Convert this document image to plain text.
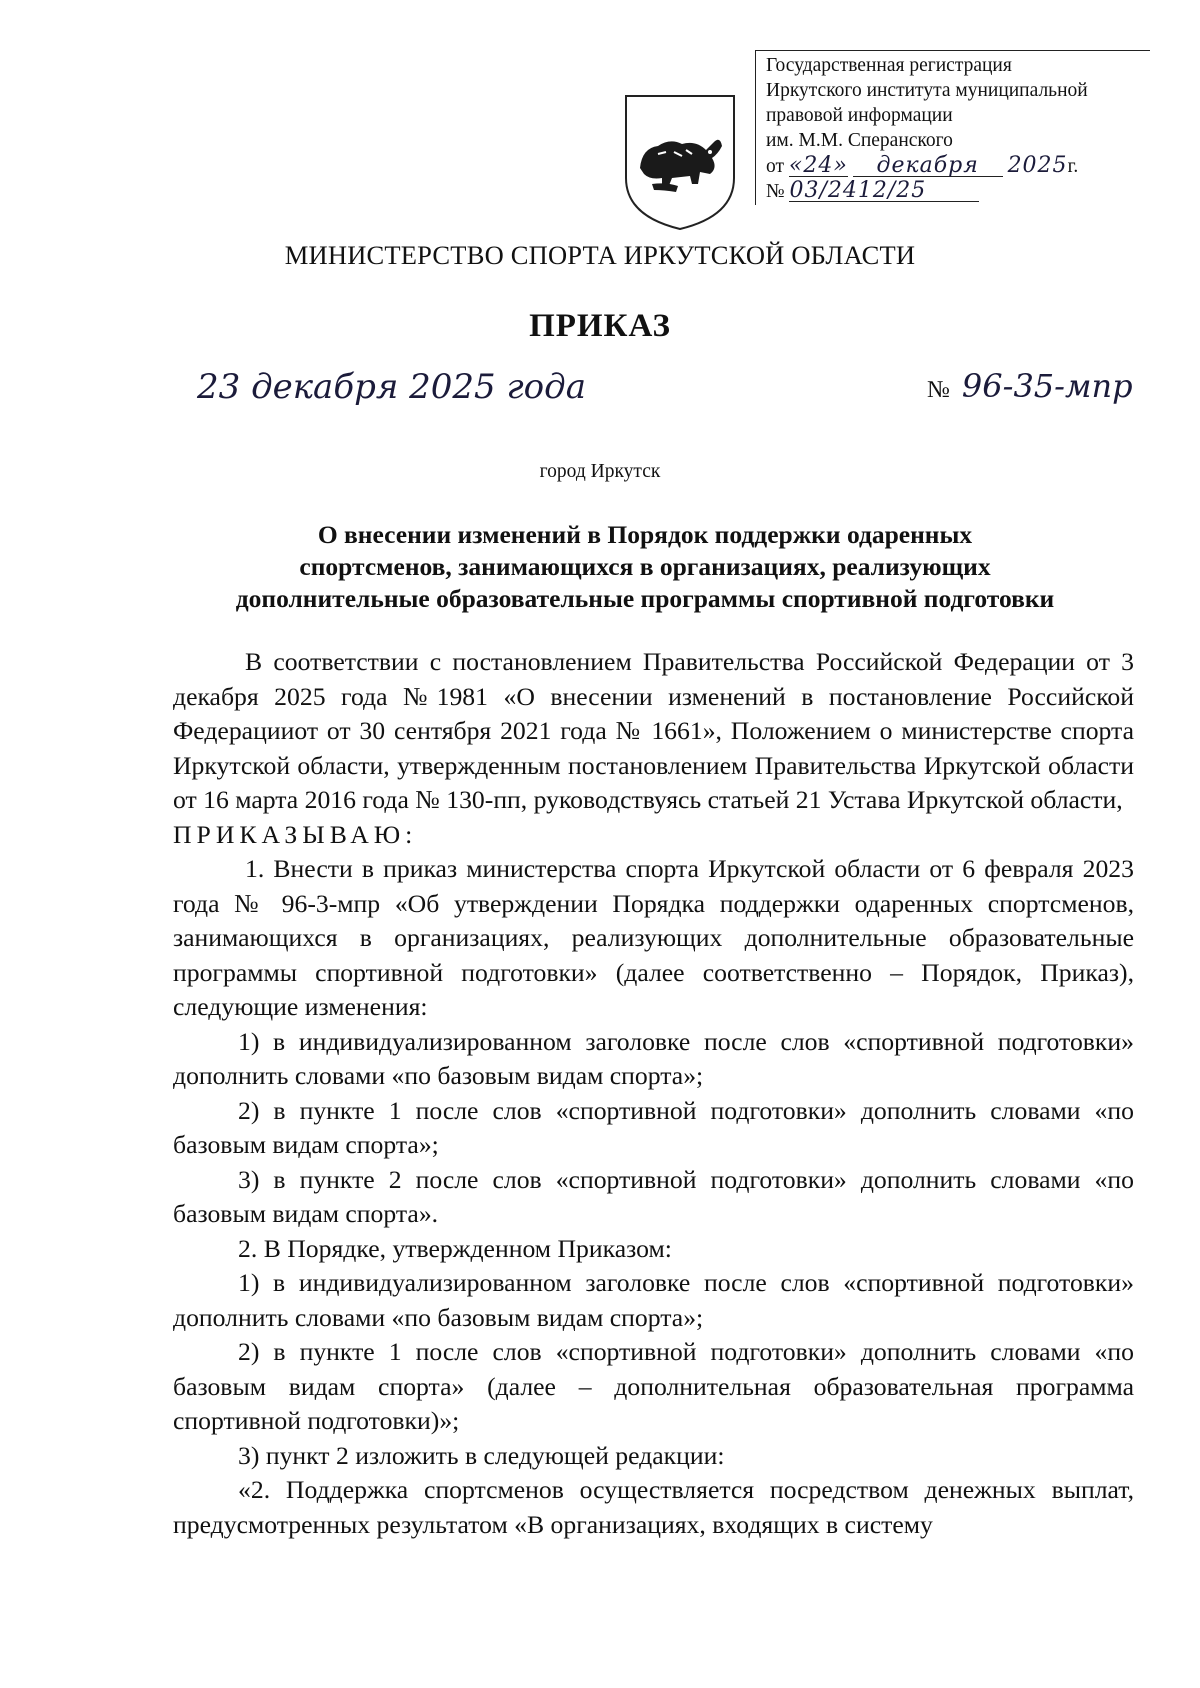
Государственная регистрация
Иркутского института муниципальной
правовой информации
им. М.М. Сперанского
от «24» декабря 2025г.
№ 03/2412/25
МИНИСТЕРСТВО СПОРТА ИРКУТСКОЙ ОБЛАСТИ
ПРИКАЗ
23 декабря 2025 года	№ 96-35-мпр
город Иркутск
О внесении изменений в Порядок поддержки одаренных
спортсменов, занимающихся в организациях, реализующих
дополнительные образовательные программы спортивной подготовки

В соответствии с постановлением Правительства Российской Федерации от 3 декабря 2025 года №1981 «О внесении изменений в постановление Российской Федерацииот от 30 сентября 2021 года № 1661», Положением о министерстве спорта Иркутской области, утвержденным постановлением Правительства Иркутской области от 16 марта 2016 года № 130-пп, руководствуясь статьей 21 Устава Иркутской области,

ПРИКАЗЫВАЮ:

1. Внести в приказ министерства спорта Иркутской области от 6 февраля 2023 года № 96-3-мпр «Об утверждении Порядка поддержки одаренных спортсменов, занимающихся в организациях, реализующих дополнительные образовательные программы спортивной подготовки» (далее соответственно – Порядок, Приказ), следующие изменения:

1) в индивидуализированном заголовке после слов «спортивной подготовки» дополнить словами «по базовым видам спорта»;

2) в пункте 1 после слов «спортивной подготовки» дополнить словами «по базовым видам спорта»;

3) в пункте 2 после слов «спортивной подготовки» дополнить словами «по базовым видам спорта».

2. В Порядке, утвержденном Приказом:

1) в индивидуализированном заголовке после слов «спортивной подготовки» дополнить словами «по базовым видам спорта»;

2) в пункте 1 после слов «спортивной подготовки» дополнить словами «по базовым видам спорта» (далее – дополнительная образовательная программа спортивной подготовки)»;

3) пункт 2 изложить в следующей редакции:

«2. Поддержка спортсменов осуществляется посредством денежных выплат, предусмотренных результатом «В организациях, входящих в систему
